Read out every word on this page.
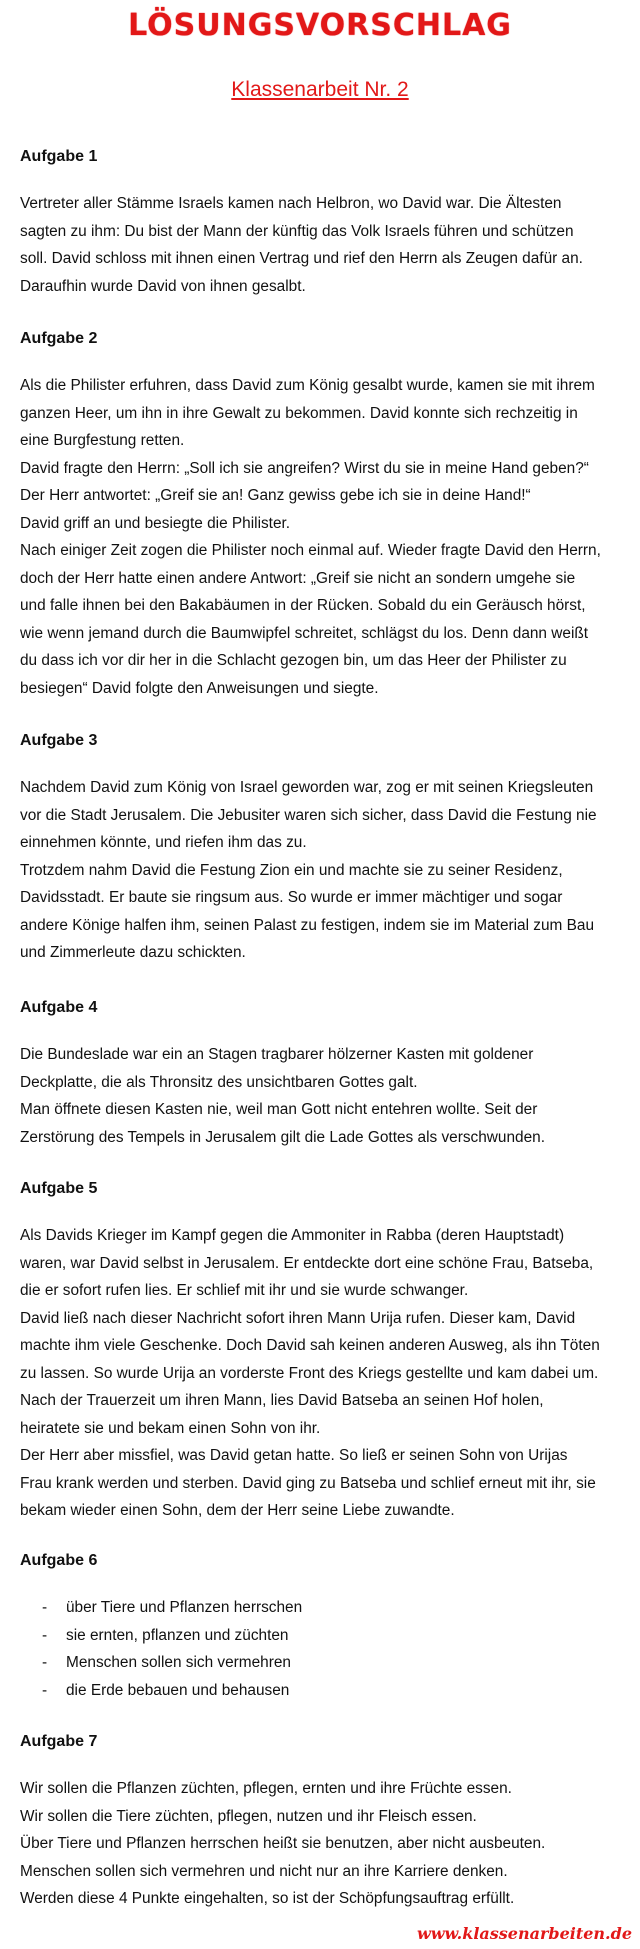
LÖSUNGSVORSCHLAG
Klassenarbeit Nr. 2
Aufgabe 1

Vertreter aller Stämme Israels kamen nach Helbron, wo David war. Die Ältesten

sagten zu ihm: Du bist der Mann der künftig das Volk Israels führen und schützen

soll. David schloss mit ihnen einen Vertrag und rief den Herrn als Zeugen dafür an.

Daraufhin wurde David von ihnen gesalbt.

Aufgabe 2

Als die Philister erfuhren, dass David zum König gesalbt wurde, kamen sie mit ihrem

ganzen Heer, um ihn in ihre Gewalt zu bekommen. David konnte sich rechzeitig in

eine Burgfestung retten.

David fragte den Herrn: „Soll ich sie angreifen? Wirst du sie in meine Hand geben?“

Der Herr antwortet: „Greif sie an! Ganz gewiss gebe ich sie in deine Hand!“

David griff an und besiegte die Philister.

Nach einiger Zeit zogen die Philister noch einmal auf. Wieder fragte David den Herrn,

doch der Herr hatte einen andere Antwort: „Greif sie nicht an sondern umgehe sie

und falle ihnen bei den Bakabäumen in der Rücken. Sobald du ein Geräusch hörst,

wie wenn jemand durch die Baumwipfel schreitet, schlägst du los. Denn dann weißt

du dass ich vor dir her in die Schlacht gezogen bin, um das Heer der Philister zu

besiegen“ David folgte den Anweisungen und siegte.

Aufgabe 3

Nachdem David zum König von Israel geworden war, zog er mit seinen Kriegsleuten

vor die Stadt Jerusalem. Die Jebusiter waren sich sicher, dass David die Festung nie

einnehmen könnte, und riefen ihm das zu.

Trotzdem nahm David die Festung Zion ein und machte sie zu seiner Residenz,

Davidsstadt. Er baute sie ringsum aus. So wurde er immer mächtiger und sogar

andere Könige halfen ihm, seinen Palast zu festigen, indem sie im Material zum Bau

und Zimmerleute dazu schickten.

Aufgabe 4

Die Bundeslade war ein an Stagen tragbarer hölzerner Kasten mit goldener

Deckplatte, die als Thronsitz des unsichtbaren Gottes galt.

Man öffnete diesen Kasten nie, weil man Gott nicht entehren wollte. Seit der

Zerstörung des Tempels in Jerusalem gilt die Lade Gottes als verschwunden.

Aufgabe 5

Als Davids Krieger im Kampf gegen die Ammoniter in Rabba (deren Hauptstadt)

waren, war David selbst in Jerusalem. Er entdeckte dort eine schöne Frau, Batseba,

die er sofort rufen lies. Er schlief mit ihr und sie wurde schwanger.

David ließ nach dieser Nachricht sofort ihren Mann Urija rufen. Dieser kam, David

machte ihm viele Geschenke. Doch David sah keinen anderen Ausweg, als ihn Töten

zu lassen. So wurde Urija an vorderste Front des Kriegs gestellte und kam dabei um.

Nach der Trauerzeit um ihren Mann, lies David Batseba an seinen Hof holen,

heiratete sie und bekam einen Sohn von ihr.

Der Herr aber missfiel, was David getan hatte. So ließ er seinen Sohn von Urijas

Frau krank werden und sterben. David ging zu Batseba und schlief erneut mit ihr, sie

bekam wieder einen Sohn, dem der Herr seine Liebe zuwandte.

Aufgabe 6
- über Tiere und Pflanzen herrschen
- sie ernten, pflanzen und züchten
- Menschen sollen sich vermehren
- die Erde bebauen und behausen
Aufgabe 7

Wir sollen die Pflanzen züchten, pflegen, ernten und ihre Früchte essen.

Wir sollen die Tiere züchten, pflegen, nutzen und ihr Fleisch essen.

Über Tiere und Pflanzen herrschen heißt sie benutzen, aber nicht ausbeuten.

Menschen sollen sich vermehren und nicht nur an ihre Karriere denken.

Werden diese 4 Punkte eingehalten, so ist der Schöpfungsauftrag erfüllt.

www.klassenarbeiten.de
